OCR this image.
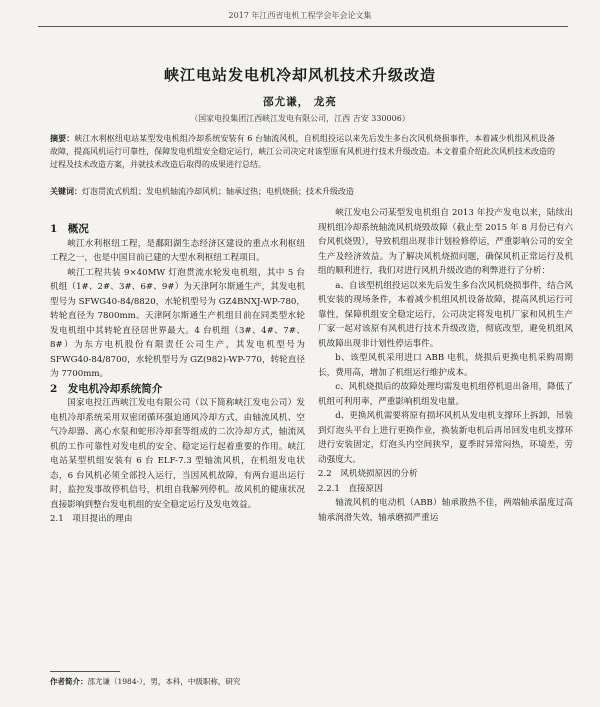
2017 年江西省电机工程学会年会论文集
峡江电站发电机冷却风机技术升级改造
邵尤谦， 龙亮
（国家电投集团江西峡江发电有限公司，江西 吉安 330006）
摘要：峡江水利枢纽电站某型发电机组冷却系统安装有 6 台轴流风机，自机组投运以来先后发生多台次风机烧损事件，本着减少机组风机设备故障，提高风机运行可靠性，保障发电机组安全稳定运行，峡江公司决定对该型原有风机进行技术升级改造。本文着重介绍此次风机技术改造的过程及技术改造方案，并就技术改造后取得的成果进行总结。
关键词：灯泡贯流式机组；发电机轴流冷却风机；轴承过热；电机烧损；技术升级改造

1　概况

峡江水利枢纽工程，是鄱阳湖生态经济区建设的重点水利枢纽工程之一，也是中国目前已建的大型水利枢纽工程项目。

峡江工程共装 9×40MW 灯泡贯流水轮发电机组，其中 5 台机组（1#、2#、3#、6#、9#）为天津阿尔斯通生产，其发电机型号为 SFWG40-84/8820，水轮机型号为 GZ4BNXJ-WP-780，转轮直径为 7800mm。天津阿尔斯通生产机组目前在同类型水轮发电机组中其转轮直径居世界最大。4 台机组（3#、4#、7#、8#）为东方电机股份有限责任公司生产，其发电机型号为 SFWG40-84/8700，水轮机型号为 GZ(982)-WP-770，转轮直径为 7700mm。

2　发电机冷却系统简介

国家电投江西峡江发电有限公司（以下简称峡江发电公司）发电机冷却系统采用双密闭循环强迫通风冷却方式，由轴流风机、空气冷却器、离心水泵和蛇形冷却套等组成的二次冷却方式，轴流风机的工作可靠性对发电机的安全、稳定运行起着重要的作用。峡江电站某型机组安装有 6 台 ELF-7.3 型轴流风机，在机组发电状态，6 台风机必须全部投入运行，当因风机故障，有两台退出运行时，监控发事故停机信号，机组自我解列停机。故风机的健康状况直接影响到整台发电机组的安全稳定运行及发电效益。

2.1　项目提出的理由

峡江发电公司某型发电机组自 2013 年投产发电以来，陆续出现机组冷却系统轴流风机烧毁故障（截止至 2015 年 8 月份已有六台风机烧毁），导致机组出现非计划检修停运，严重影响公司的安全生产及经济效益。为了解决风机烧损问题，确保风机正常运行及机组的顺利进行，我们对进行风机升级改造的利弊进行了分析：

a、自该型机组投运以来先后发生多台次风机烧损事件，结合风机安装的现场条件，本着减少机组风机设备故障，提高风机运行可靠性，保障机组安全稳定运行，公司决定将发电机厂家和风机生产厂家一起对该原有风机进行技术升级改造，彻底改型，避免机组风机故障出现非计划性停运事件。

b、该型风机采用进口 ABB 电机，烧损后更换电机采购周期长，费用高，增加了机组运行维护成本。

c、风机烧损后的故障处理均需发电机组停机退出备用，降低了机组可利用率，严重影响机组发电量。

d、更换风机需要将原有损坏风机从发电机支撑环上拆卸，吊装到灯泡头平台上进行更换作业，换装新电机后再吊回发电机支撑环进行安装固定，灯泡头内空间狭窄，夏季时异常闷热，环境差，劳动强度大。

2.2　风机烧损原因的分析

2.2.1　直接原因

轴流风机的电动机（ABB）轴承散热不佳，两端轴承温度过高轴承润滑失效，轴承磨损严重运

作者简介：邵尤谦（1984-），男，本科，中级职称，研究
